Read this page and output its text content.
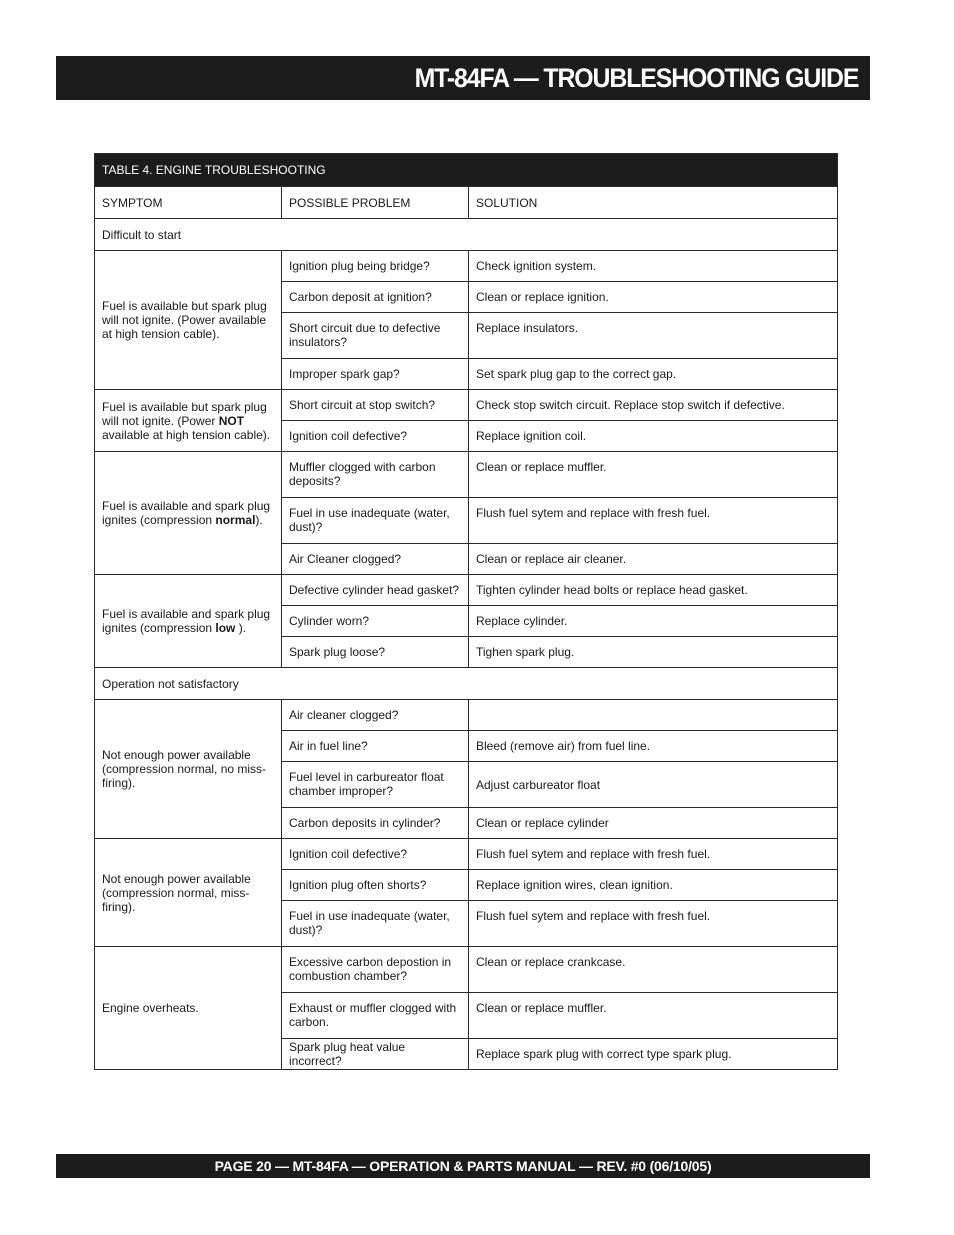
MT-84FA — TROUBLESHOOTING GUIDE
TABLE 4. ENGINE TROUBLESHOOTING		
SYMPTOM	POSSIBLE PROBLEM	SOLUTION
Difficult to start		
Fuel is available but spark plug will not ignite. (Power available at high tension cable).	Ignition plug being bridge?	Check ignition system.
	Carbon deposit at ignition?	Clean or replace ignition.
	Short circuit due to defective insulators?	Replace insulators.
	Improper spark gap?	Set spark plug gap to the correct gap.
Fuel is available but spark plug will not ignite. (Power NOT available at high tension cable).	Short circuit at stop switch?	Check stop switch circuit. Replace stop switch if defective.
	Ignition coil defective?	Replace ignition coil.
Fuel is available and spark plug ignites (compression normal).	Muffler clogged with carbon deposits?	Clean or replace muffler.
	Fuel in use inadequate (water, dust)?	Flush fuel sytem and replace with fresh fuel.
	Air Cleaner clogged?	Clean or replace air cleaner.
Fuel is available and spark plug ignites (compression low ).	Defective cylinder head gasket?	Tighten cylinder head bolts or replace head gasket.
	Cylinder worn?	Replace cylinder.
	Spark plug loose?	Tighen spark plug.
Operation not satisfactory		
Not enough power available (compression normal, no miss-firing).	Air cleaner clogged?	
	Air in fuel line?	Bleed (remove air) from fuel line.
	Fuel level in carbureator float chamber improper?	Adjust carbureator float
	Carbon deposits in cylinder?	Clean or replace cylinder
Not enough power available (compression normal, miss-firing).	Ignition coil defective?	Flush fuel sytem and replace with fresh fuel.
	Ignition plug often shorts?	Replace ignition wires, clean ignition.
	Fuel in use inadequate (water, dust)?	Flush fuel sytem and replace with fresh fuel.
Engine overheats.	Excessive carbon depostion in combustion chamber?	Clean or replace crankcase.
	Exhaust or muffler clogged with carbon.	Clean or replace muffler.
	Spark plug heat value incorrect?	Replace spark plug with correct type spark plug.
PAGE 20 — MT-84FA — OPERATION & PARTS MANUAL — REV. #0 (06/10/05)
